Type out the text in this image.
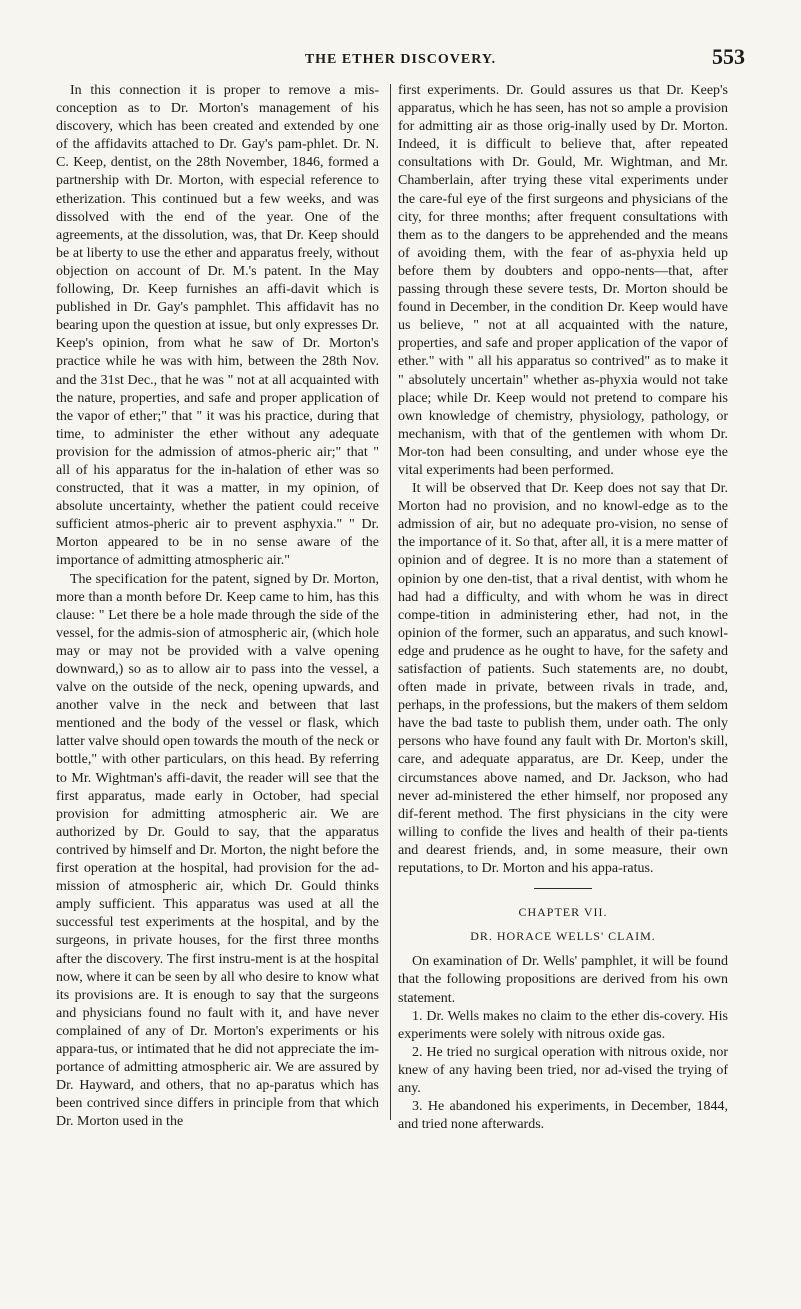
THE ETHER DISCOVERY.	553

In this connection it is proper to remove a mis-conception as to Dr. Morton's management of his discovery, which has been created and extended by one of the affidavits attached to Dr. Gay's pam-phlet. Dr. N. C. Keep, dentist, on the 28th November, 1846, formed a partnership with Dr. Morton, with especial reference to etherization. This continued but a few weeks, and was dissolved with the end of the year. One of the agreements, at the dissolution, was, that Dr. Keep should be at liberty to use the ether and apparatus freely, without objection on account of Dr. M.'s patent. In the May following, Dr. Keep furnishes an affi-davit which is published in Dr. Gay's pamphlet. This affidavit has no bearing upon the question at issue, but only expresses Dr. Keep's opinion, from what he saw of Dr. Morton's practice while he was with him, between the 28th Nov. and the 31st Dec., that he was " not at all acquainted with the nature, properties, and safe and proper application of the vapor of ether;" that " it was his practice, during that time, to administer the ether without any adequate provision for the admission of atmos-pheric air;" that " all of his apparatus for the in-halation of ether was so constructed, that it was a matter, in my opinion, of absolute uncertainty, whether the patient could receive sufficient atmos-pheric air to prevent asphyxia." " Dr. Morton appeared to be in no sense aware of the importance of admitting atmospheric air."

The specification for the patent, signed by Dr. Morton, more than a month before Dr. Keep came to him, has this clause: " Let there be a hole made through the side of the vessel, for the admis-sion of atmospheric air, (which hole may or may not be provided with a valve opening downward,) so as to allow air to pass into the vessel, a valve on the outside of the neck, opening upwards, and another valve in the neck and between that last mentioned and the body of the vessel or flask, which latter valve should open towards the mouth of the neck or bottle," with other particulars, on this head. By referring to Mr. Wightman's affi-davit, the reader will see that the first apparatus, made early in October, had special provision for admitting atmospheric air. We are authorized by Dr. Gould to say, that the apparatus contrived by himself and Dr. Morton, the night before the first operation at the hospital, had provision for the ad-mission of atmospheric air, which Dr. Gould thinks amply sufficient. This apparatus was used at all the successful test experiments at the hospital, and by the surgeons, in private houses, for the first three months after the discovery. The first instru-ment is at the hospital now, where it can be seen by all who desire to know what its provisions are. It is enough to say that the surgeons and physicians found no fault with it, and have never complained of any of Dr. Morton's experiments or his appara-tus, or intimated that he did not appreciate the im-portance of admitting atmospheric air. We are assured by Dr. Hayward, and others, that no ap-paratus which has been contrived since differs in principle from that which Dr. Morton used in the

first experiments. Dr. Gould assures us that Dr. Keep's apparatus, which he has seen, has not so ample a provision for admitting air as those orig-inally used by Dr. Morton. Indeed, it is difficult to believe that, after repeated consultations with Dr. Gould, Mr. Wightman, and Mr. Chamberlain, after trying these vital experiments under the care-ful eye of the first surgeons and physicians of the city, for three months; after frequent consultations with them as to the dangers to be apprehended and the means of avoiding them, with the fear of as-phyxia held up before them by doubters and oppo-nents—that, after passing through these severe tests, Dr. Morton should be found in December, in the condition Dr. Keep would have us believe, " not at all acquainted with the nature, properties, and safe and proper application of the vapor of ether." with " all his apparatus so contrived" as to make it " absolutely uncertain" whether as-phyxia would not take place; while Dr. Keep would not pretend to compare his own knowledge of chemistry, physiology, pathology, or mechanism, with that of the gentlemen with whom Dr. Mor-ton had been consulting, and under whose eye the vital experiments had been performed.

It will be observed that Dr. Keep does not say that Dr. Morton had no provision, and no knowl-edge as to the admission of air, but no adequate pro-vision, no sense of the importance of it. So that, after all, it is a mere matter of opinion and of degree. It is no more than a statement of opinion by one den-tist, that a rival dentist, with whom he had had a difficulty, and with whom he was in direct compe-tition in administering ether, had not, in the opinion of the former, such an apparatus, and such knowl-edge and prudence as he ought to have, for the safety and satisfaction of patients. Such statements are, no doubt, often made in private, between rivals in trade, and, perhaps, in the professions, but the makers of them seldom have the bad taste to publish them, under oath. The only persons who have found any fault with Dr. Morton's skill, care, and adequate apparatus, are Dr. Keep, under the circumstances above named, and Dr. Jackson, who had never ad-ministered the ether himself, nor proposed any dif-ferent method. The first physicians in the city were willing to confide the lives and health of their pa-tients and dearest friends, and, in some measure, their own reputations, to Dr. Morton and his appa-ratus.

CHAPTER VII.
DR. HORACE WELLS' CLAIM.

On examination of Dr. Wells' pamphlet, it will be found that the following propositions are derived from his own statement.

1. Dr. Wells makes no claim to the ether dis-covery. His experiments were solely with nitrous oxide gas.

2. He tried no surgical operation with nitrous oxide, nor knew of any having been tried, nor ad-vised the trying of any.

3. He abandoned his experiments, in December, 1844, and tried none afterwards.
